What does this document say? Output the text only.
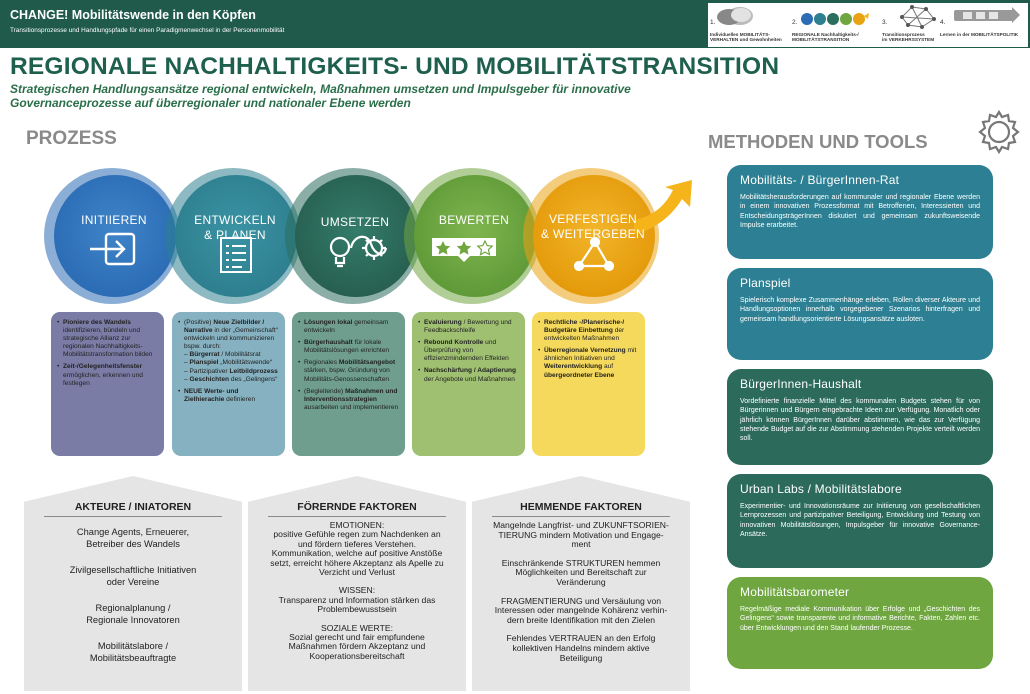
CHANGE! Mobilitätswende in den Köpfen
Transitionsprozesse und Handlungspfade für einen Paradigmenwechsel in der Personenmobilität
1.
Individuelles MOBILITÄTS-
VERHALTEN und Gewohnheiten
2.
REGIONALE Nachhaltigkeits-/
MOBILITÄTSTRANSITION
3.
Transitionsprozess
im VERKEHRSSYSTEM
4.
Lernen in der MOBILITÄTSPOLITIK
REGIONALE NACHHALTIGKEITS- UND MOBILITÄTSTRANSITION
Strategischen Handlungsansätze regional entwickeln, Maßnahmen umsetzen und Impulsgeber für innovative Governanceprozesse auf überregionaler und nationaler Ebene werden
PROZESS	METHODEN UND TOOLS
INITIIEREN	ENTWICKELN
& PLANEN
UMSETZEN	BEWERTEN	VERFESTIGEN
& WEITERGEBEN

• Pioniere des Wandels identifizieren, bündeln und strategische Allianz zur regionalen Nachhaltigkeits-Mobilitätstransformation bilden

• Zeit-/Gelegenheitsfenster ermöglichen, erkennen und festlegen

• (Positive) Neue Zielbilder / Narrative in der „Gemeinschaft“ entwickeln und kommunizieren bspw. durch:
– Bürgerrat / Mobilitätsrat
– Planspiel „Mobilitätswende“
– Partizipativer Leitbildprozess
– Geschichten des „Gelingens“

• NEUE Werte- und Zielhierachie definieren

• Lösungen lokal gemeinsam entwickeln

• Bürgerhaushalt für lokale Mobilitätslösungen einrichten

• Regionales Mobilitätsangebot stärken, bspw. Gründung von Mobilitäts-Genossenschaften

• (Begleitende) Maßnahmen und Interventionsstrategien ausarbeiten und implementieren

• Evaluierung / Bewertung und Feedbackschleife

• Rebound Kontrolle und Überprüfung von effizienzmindernden Effekten

• Nachschärfung / Adaptierung der Angebote und Maßnahmen

• Rechtliche -/Planerische-/ Budgetäre Einbettung der entwickelten Maßnahmen

• Überregionale Vernetzung mit ähnlichen Initiativen und Weiterentwicklung auf übergeordneter Ebene

AKTEURE / INIATOREN	FÖRERNDE FAKTOREN	HEMMENDE FAKTOREN
Change Agents, Erneuerer,
Betreiber des Wandels
Zivilgesellschaftliche Initiativen
oder Vereine
Regionalplanung /
Regionale Innovatoren
Mobilitätslabore /
Mobilitätsbeauftragte
EMOTIONEN:
positive Gefühle regen zum Nachdenken an
und fördern tieferes Verstehen.
Kommunikation, welche auf positive Anstöße
setzt, erreicht höhere Akzeptanz als Apelle zu
Verzicht und Verlust
WISSEN:
Transparenz und Information stärken das
Problembewusstsein
SOZIALE WERTE:
Sozial gerecht und fair empfundene
Maßnahmen fördern Akzeptanz und
Kooperationsbereitschaft
Mangelnde Langfrist- und ZUKUNFTSORIEN-
TIERUNG mindern Motivation und Engage-
ment
Einschränkende STRUKTUREN hemmen
Möglichkeiten und Bereitschaft zur
Veränderung
FRAGMENTIERUNG und Versäulung von
Interessen oder mangelnde Kohärenz verhin-
dern breite Identifikation mit den Zielen
Fehlendes VERTRAUEN an den Erfolg
kollektiven Handelns mindern aktive
Beteiligung
Mobilitäts- / BürgerInnen-Rat
Mobilitätsherausforderungen auf kommunaler und regionaler Ebene werden in einem innovativen Prozessformat mit Betroffenen, Interessierten und EntscheidungsträgerInnen diskutiert und gemeinsam zukunftsweisende Impulse erarbeitet.
Planspiel
Spielerisch komplexe Zusammenhänge erleben, Rollen diverser Akteure und Handlungsoptionen innerhalb vorgegebener Szenarios hinterfragen und gemeinsam handlungsorientierte Lösungsansätze ausloten.
BürgerInnen-Haushalt
Vordefinierte finanzielle Mittel des kommunalen Budgets stehen für von Bürgerinnen und Bürgern eingebrachte Ideen zur Verfügung. Monatlich oder jährlich können BürgerInnen darüber abstimmen, wie das zur Verfügung stehende Budget auf die zur Abstimmung stehenden Projekte verteilt werden soll.
Urban Labs / Mobilitätslabore
Experimentier- und Innovationsräume zur Initiierung von gesellschaftlichen Lernprozessen und partizipativer Beteiligung, Entwicklung und Testung von innovativen Mobilitätslösungen, Impulsgeber für innovative Governance-Ansätze.
Mobilitätsbarometer
Regelmäßige mediale Kommunikation über Erfolge und „Geschichten des Gelingens“ sowie transparente und informative Berichte, Fakten, Zahlen etc. über Entwicklungen und den Stand laufender Prozesse.
